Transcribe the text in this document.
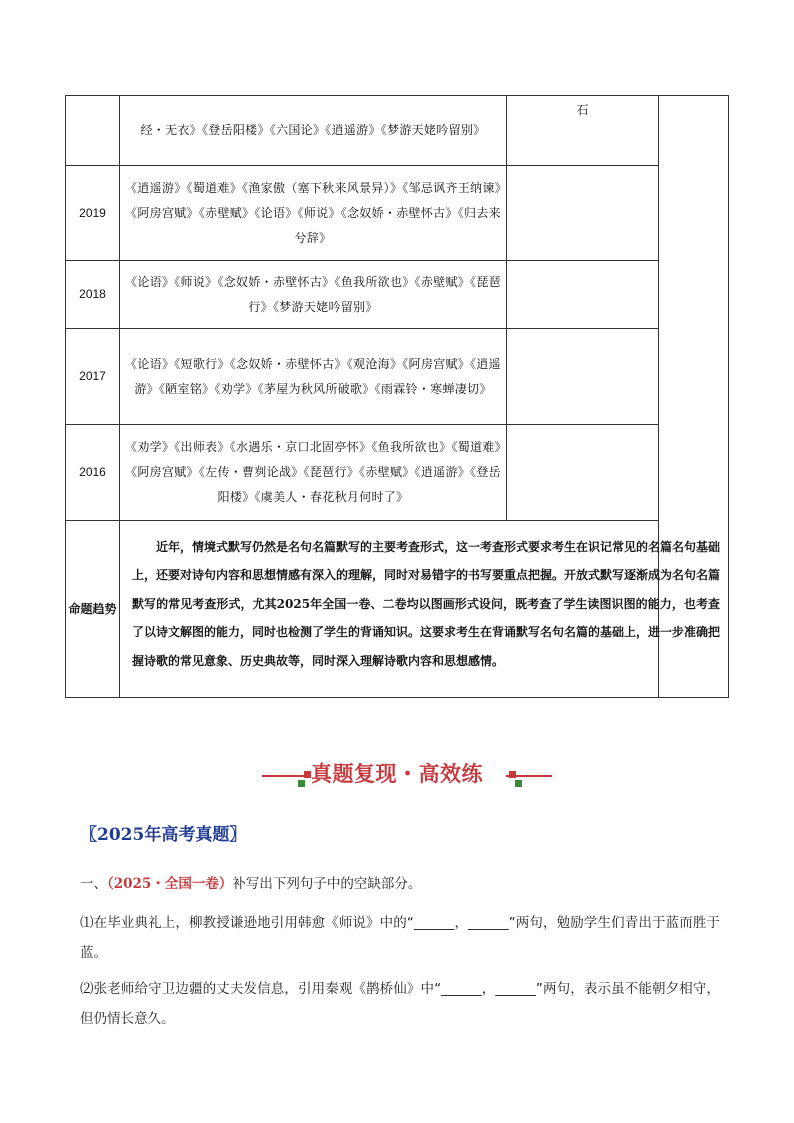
	经・无衣》《登岳阳楼》《六国论》《逍遥游》《梦游天姥吟留别》	石	
2019	《逍遥游》《蜀道难》《渔家傲（塞下秋来风景异）》《邹忌讽齐王纳谏》《阿房宫赋》《赤壁赋》《论语》《师说》《念奴娇・赤壁怀古》《归去来兮辞》		
2018	《论语》《师说》《念奴娇・赤壁怀古》《鱼我所欲也》《赤壁赋》《琵琶行》《梦游天姥吟留别》		
2017	《论语》《短歌行》《念奴娇・赤壁怀古》《观沧海》《阿房宫赋》《逍遥游》《陋室铭》《劝学》《茅屋为秋风所破歌》《雨霖铃・寒蝉凄切》		
2016	《劝学》《出师表》《水遇乐・京口北固亭怀》《鱼我所欲也》《蜀道难》《阿房宫赋》《左传・曹刿论战》《琵琶行》《赤壁赋》《逍遥游》《登岳阳楼》《虞美人・春花秋月何时了》		
命题趋势	近年，情境式默写仍然是名句名篇默写的主要考查形式，这一考查形式要求考生在识记常见的名篇名句基础上，还要对诗句内容和思想情感有深入的理解，同时对易错字的书写要重点把握。开放式默写逐渐成为名句名篇默写的常见考查形式，尤其2025年全国一卷、二卷均以图画形式设问，既考查了学生读图识图的能力，也考查了以诗文解图的能力，同时也检测了学生的背诵知识。这要求考生在背诵默写名句名篇的基础上，进一步准确把握诗歌的常见意象、历史典故等，同时深入理解诗歌内容和思想感情。		
真题复现・高效练
〖2025年高考真题〗
一、（2025・全国一卷）补写出下列句子中的空缺部分。
⑴在毕业典礼上，柳教授谦逊地引用韩愈《师说》中的“______，______”两句，勉励学生们青出于蓝而胜于蓝。
⑵张老师给守卫边疆的丈夫发信息，引用秦观《鹊桥仙》中“______，______”两句，表示虽不能朝夕相守，但仍情长意久。
